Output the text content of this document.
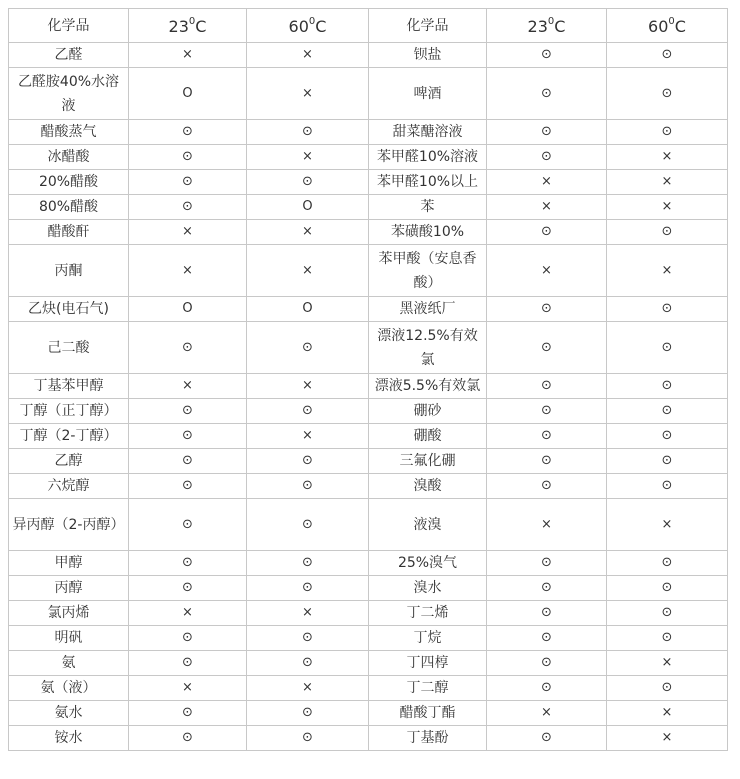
化学品	$23^0C$	$60^0C$	化学品	$23^0C$	$60^0C$
乙醛	×	×	钡盐	⊙	⊙
乙醛胺40%水溶液	O	×	啤酒	⊙	⊙
醋酸蒸气	⊙	⊙	甜菜醣溶液	⊙	⊙
冰醋酸	⊙	×	苯甲醛10%溶液	⊙	×
20%醋酸	⊙	⊙	苯甲醛10%以上	×	×
80%醋酸	⊙	O	苯	×	×
醋酸酐	×	×	苯磺酸10%	⊙	⊙
丙酮	×	×	苯甲酸（安息香酸）	×	×
乙炔(电石气)	O	O	黑液纸厂	⊙	⊙
己二酸	⊙	⊙	漂液12.5%有效氯	⊙	⊙
丁基苯甲醇	×	×	漂液5.5%有效氯	⊙	⊙
丁醇（正丁醇）	⊙	⊙	硼砂	⊙	⊙
丁醇（2-丁醇）	⊙	×	硼酸	⊙	⊙
乙醇	⊙	⊙	三氟化硼	⊙	⊙
六烷醇	⊙	⊙	溴酸	⊙	⊙
异丙醇（2-丙醇）	⊙	⊙	液溴	×	×
甲醇	⊙	⊙	25%溴气	⊙	⊙
丙醇	⊙	⊙	溴水	⊙	⊙
氯丙烯	×	×	丁二烯	⊙	⊙
明矾	⊙	⊙	丁烷	⊙	⊙
氨	⊙	⊙	丁四椁	⊙	×
氨（液）	×	×	丁二醇	⊙	⊙
氨水	⊙	⊙	醋酸丁酯	×	×
铵水	⊙	⊙	丁基酚	⊙	×
